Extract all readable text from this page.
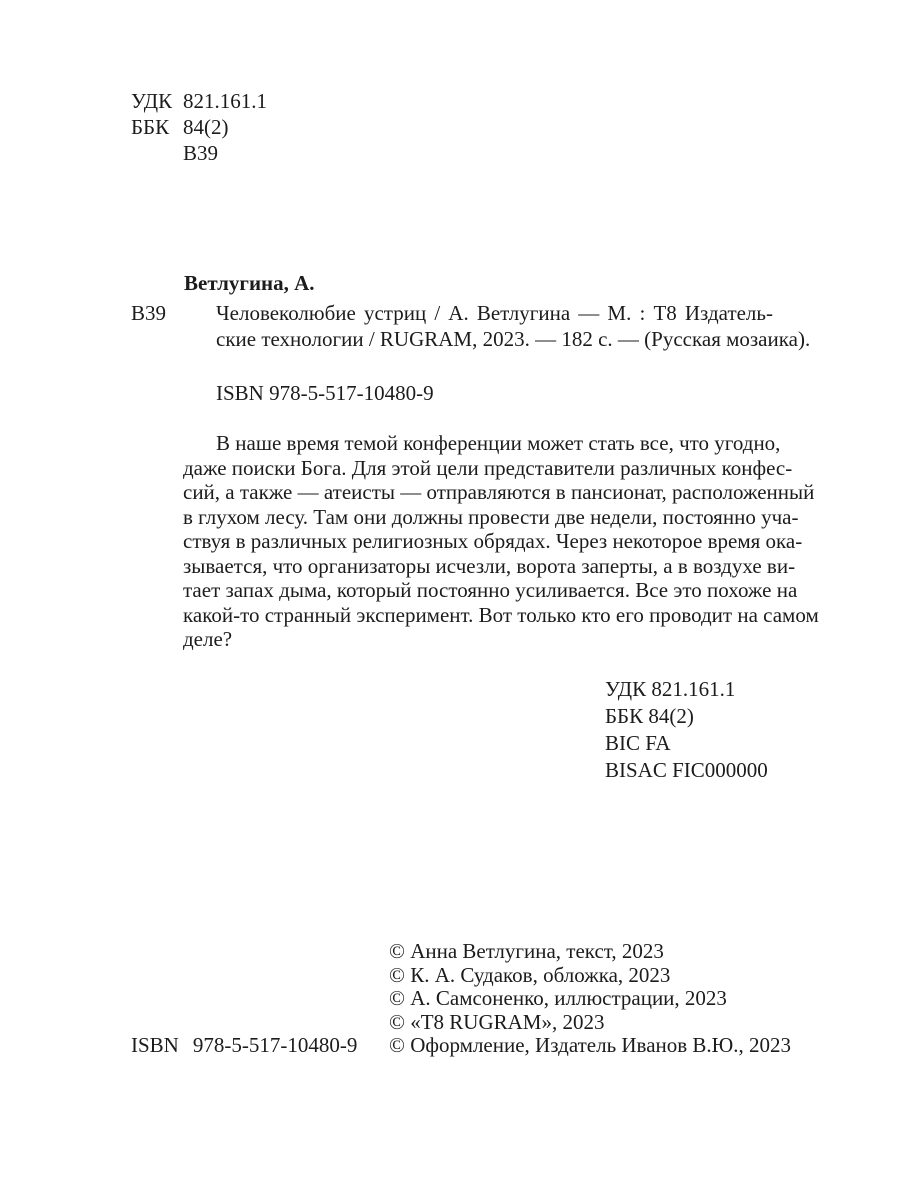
УДК 821.161.1
ББК 84(2)
В39
Ветлугина, А.
В39 Человеколюбие устриц / А. Ветлугина — М. : Т8 Издатель-
ские технологии / RUGRAM, 2023. — 182 с. — (Русская мозаика).
ISBN 978-5-517-10480-9
В наше время темой конференции может стать все, что угодно,
даже поиски Бога. Для этой цели представители различных конфес-
сий, а также — атеисты — отправляются в пансионат, расположенный
в глухом лесу. Там они должны провести две недели, постоянно уча-
ствуя в различных религиозных обрядах. Через некоторое время ока-
зывается, что организаторы исчезли, ворота заперты, а в воздухе ви-
тает запах дыма, который постоянно усиливается. Все это похоже на
какой-то странный эксперимент. Вот только кто его проводит на самом
деле?
УДК 821.161.1
ББК 84(2)
BIC FA
BISAC FIC000000
© Анна Ветлугина, текст, 2023
© К. А. Судаков, обложка, 2023
© А. Самсоненко, иллюстрации, 2023
© «Т8 RUGRAM», 2023
© Оформление, Издатель Иванов В.Ю., 2023
ISBN 978-5-517-10480-9
